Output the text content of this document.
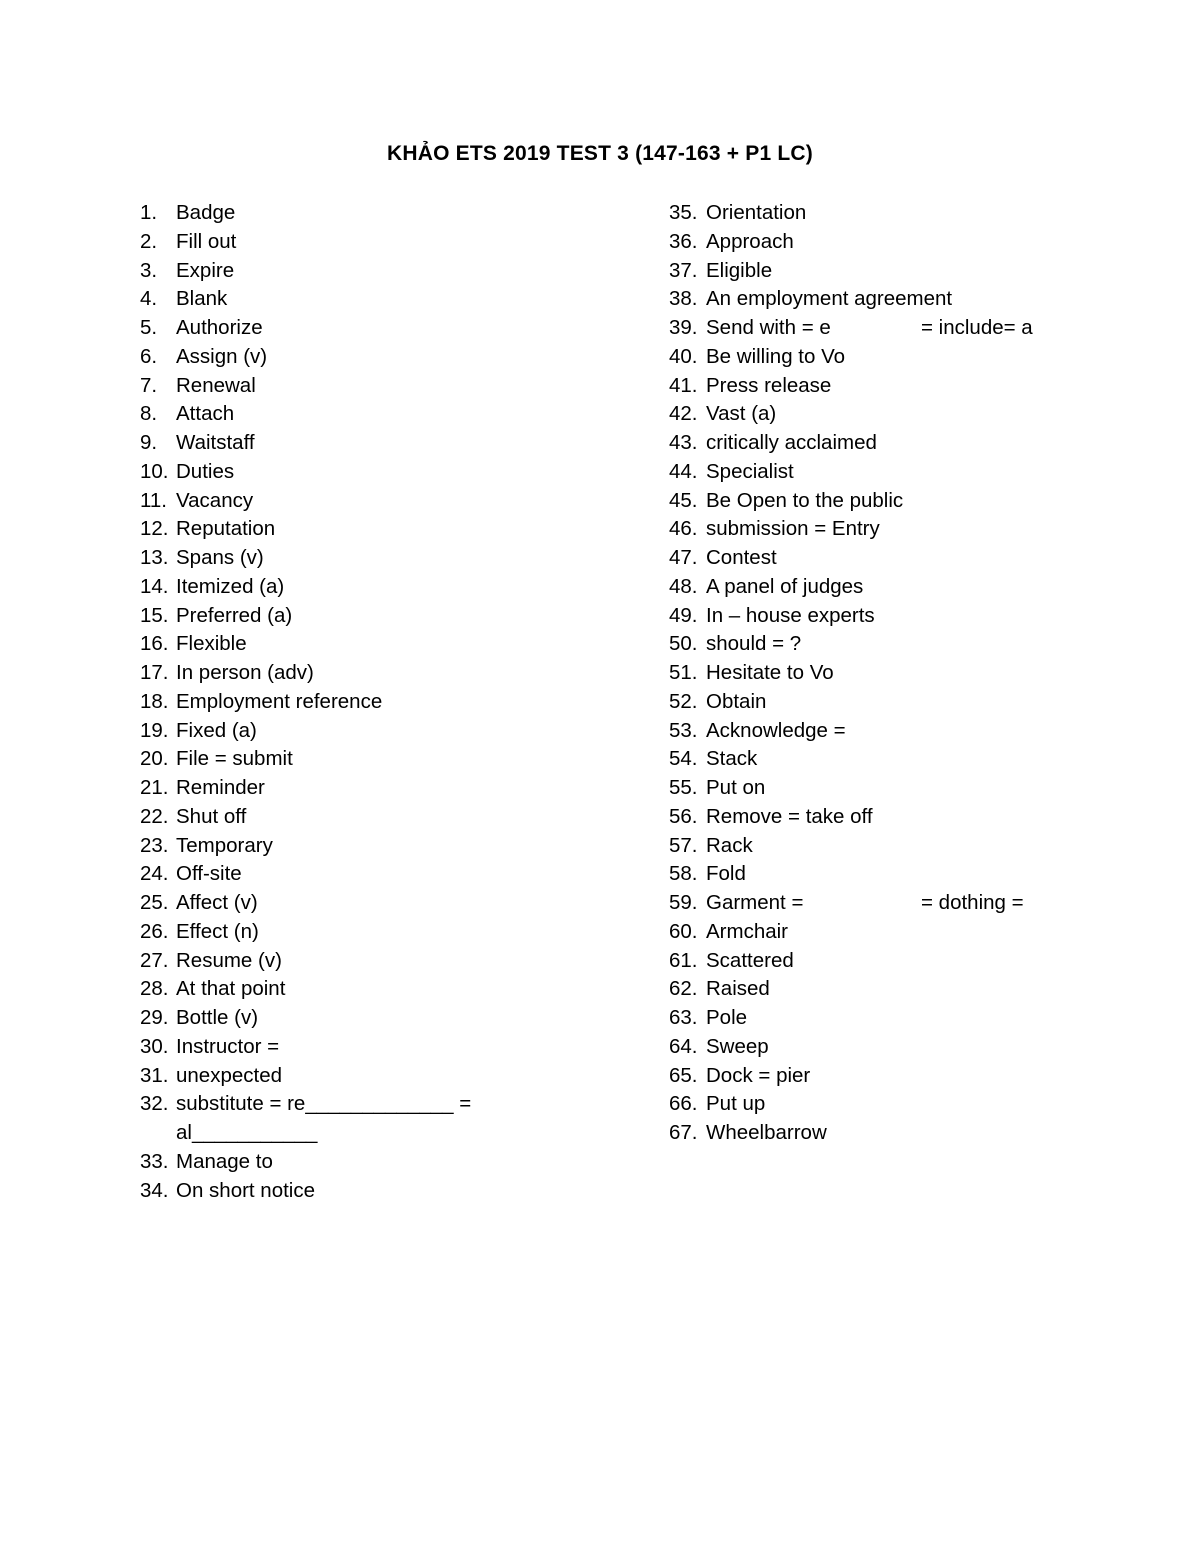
KHẢO ETS 2019 TEST 3 (147-163 + P1 LC)
1. Badge
2. Fill out
3. Expire
4. Blank
5. Authorize
6. Assign (v)
7. Renewal
8. Attach
9. Waitstaff
10. Duties
11. Vacancy
12. Reputation
13. Spans (v)
14. Itemized (a)
15. Preferred (a)
16. Flexible
17. In person (adv)
18. Employment reference
19. Fixed (a)
20. File = submit
21. Reminder
22. Shut off
23. Temporary
24. Off-site
25. Affect (v)
26. Effect (n)
27. Resume (v)
28. At that point
29. Bottle (v)
30. Instructor =
31. unexpected
32. substitute = re_____________ =
al___________
33. Manage to
34. On short notice
35. Orientation
36. Approach
37. Eligible
38. An employment agreement
39. Send with = e	= include= a
40. Be willing to Vo
41. Press release
42. Vast (a)
43. critically acclaimed
44. Specialist
45. Be Open to the public
46. submission = Entry
47. Contest
48. A panel of judges
49. In – house experts
50. should = ?
51. Hesitate to Vo
52. Obtain
53. Acknowledge =
54. Stack
55. Put on
56. Remove = take off
57. Rack
58. Fold
59. Garment =	= dothing =
60. Armchair
61. Scattered
62. Raised
63. Pole
64. Sweep
65. Dock = pier
66. Put up
67. Wheelbarrow
